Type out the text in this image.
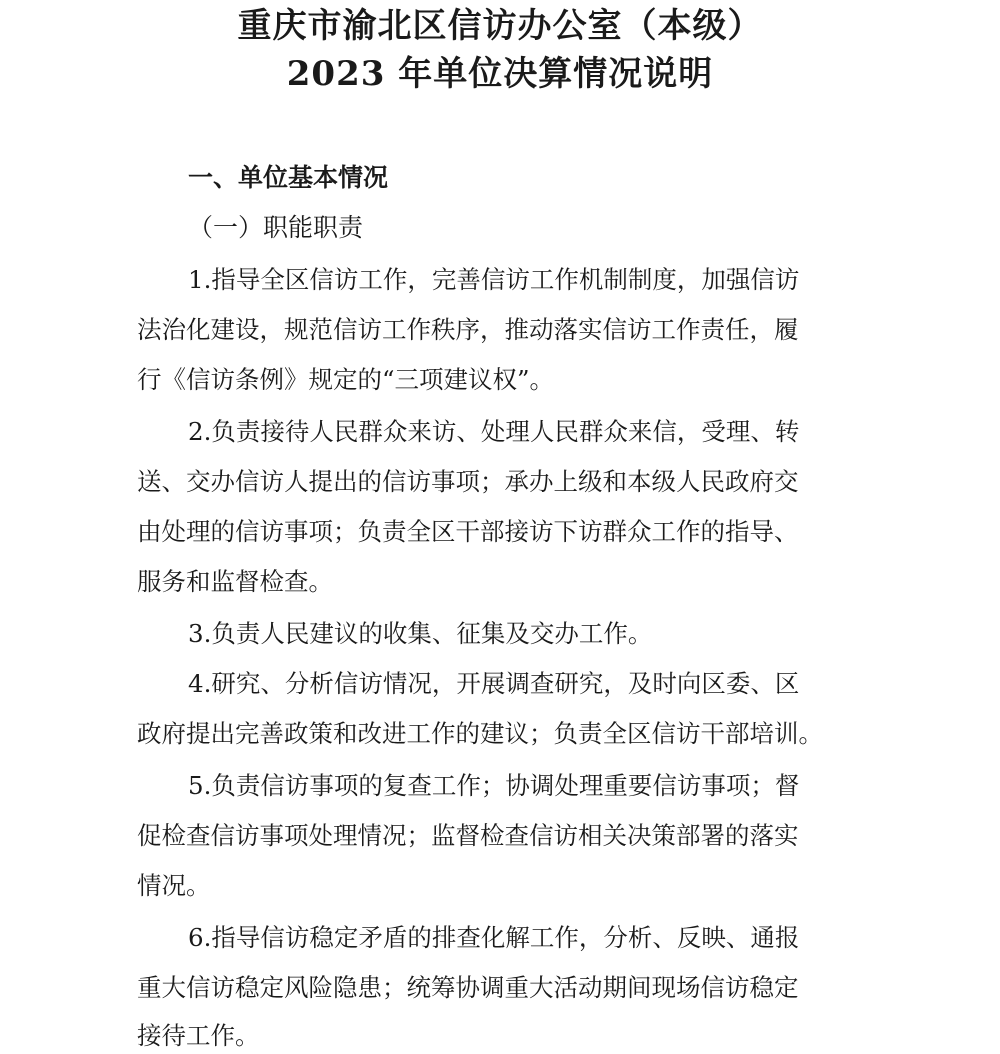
重庆市渝北区信访办公室（本级）
2023 年单位决算情况说明
一、单位基本情况
（一）职能职责
1.指导全区信访工作，完善信访工作机制制度，加强信访
法治化建设，规范信访工作秩序，推动落实信访工作责任，履
行《信访条例》规定的“三项建议权”。
2.负责接待人民群众来访、处理人民群众来信，受理、转
送、交办信访人提出的信访事项；承办上级和本级人民政府交
由处理的信访事项；负责全区干部接访下访群众工作的指导、
服务和监督检查。
3.负责人民建议的收集、征集及交办工作。
4.研究、分析信访情况，开展调查研究，及时向区委、区
政府提出完善政策和改进工作的建议；负责全区信访干部培训。
5.负责信访事项的复查工作；协调处理重要信访事项；督
促检查信访事项处理情况；监督检查信访相关决策部署的落实
情况。
6.指导信访稳定矛盾的排查化解工作，分析、反映、通报
重大信访稳定风险隐患；统筹协调重大活动期间现场信访稳定
接待工作。
